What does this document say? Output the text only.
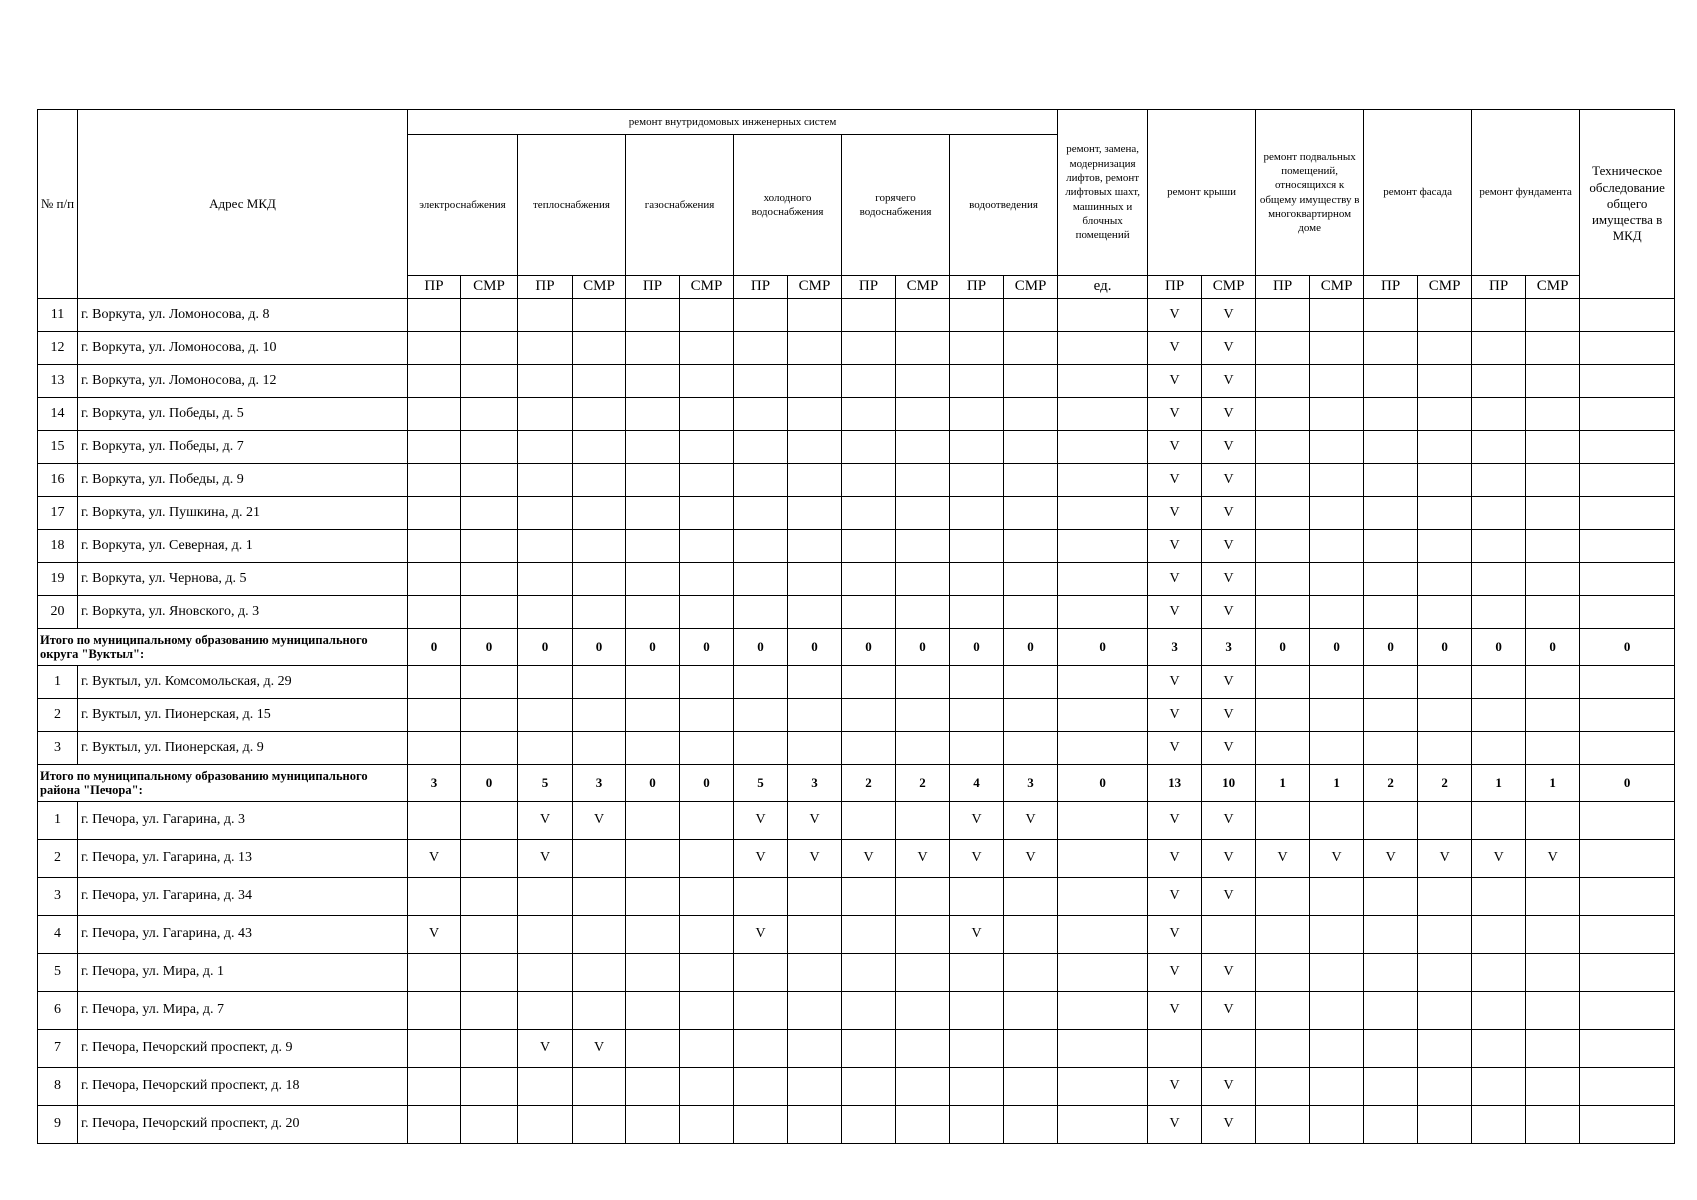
№ п/п	Адрес МКД	ремонт внутридомовых инженерных систем												ремонт, замена, модернизация лифтов, ремонт лифтовых шахт, машинных и блочных помещений	ремонт крыши		ремонт подвальных помещений, относящихся к общему имуществу в многоквартирном доме		ремонт фасада		ремонт фундамента		Техническое обследование общего имущества в МКД
		электроснабжения		теплоснабжения		газоснабжения		холодного водоснабжения		горячего водоснабжения		водоотведения											
		ПР	СМР	ПР	СМР	ПР	СМР	ПР	СМР	ПР	СМР	ПР	СМР	ед.	ПР	СМР	ПР	СМР	ПР	СМР	ПР	СМР	
11	г. Воркута, ул. Ломоносова, д. 8														V	V							
12	г. Воркута, ул. Ломоносова, д. 10														V	V							
13	г. Воркута, ул. Ломоносова, д. 12														V	V							
14	г. Воркута, ул. Победы, д. 5														V	V							
15	г. Воркута, ул. Победы, д. 7														V	V							
16	г. Воркута, ул. Победы, д. 9														V	V							
17	г. Воркута, ул. Пушкина, д. 21														V	V							
18	г. Воркута, ул. Северная, д. 1														V	V							
19	г. Воркута, ул. Чернова, д. 5														V	V							
20	г. Воркута, ул. Яновского, д. 3														V	V							
Итого по муниципальному образованию муниципального округа "Вуктыл":		0	0	0	0	0	0	0	0	0	0	0	0	0	3	3	0	0	0	0	0	0	0
1	г. Вуктыл, ул. Комсомольская, д. 29														V	V							
2	г. Вуктыл, ул. Пионерская, д. 15														V	V							
3	г. Вуктыл, ул. Пионерская, д. 9														V	V							
Итого по муниципальному образованию муниципального района "Печора":		3	0	5	3	0	0	5	3	2	2	4	3	0	13	10	1	1	2	2	1	1	0
1	г. Печора, ул. Гагарина, д. 3			V	V			V	V			V	V		V	V							
2	г. Печора, ул. Гагарина, д. 13	V		V				V	V	V	V	V	V		V	V	V	V	V	V	V	V	
3	г. Печора, ул. Гагарина, д. 34														V	V							
4	г. Печора, ул. Гагарина, д. 43	V						V				V			V								
5	г. Печора, ул. Мира, д. 1														V	V							
6	г. Печора, ул. Мира, д. 7														V	V							
7	г. Печора, Печорский проспект, д. 9			V	V																		
8	г. Печора, Печорский проспект, д. 18														V	V							
9	г. Печора, Печорский проспект, д. 20														V	V							
